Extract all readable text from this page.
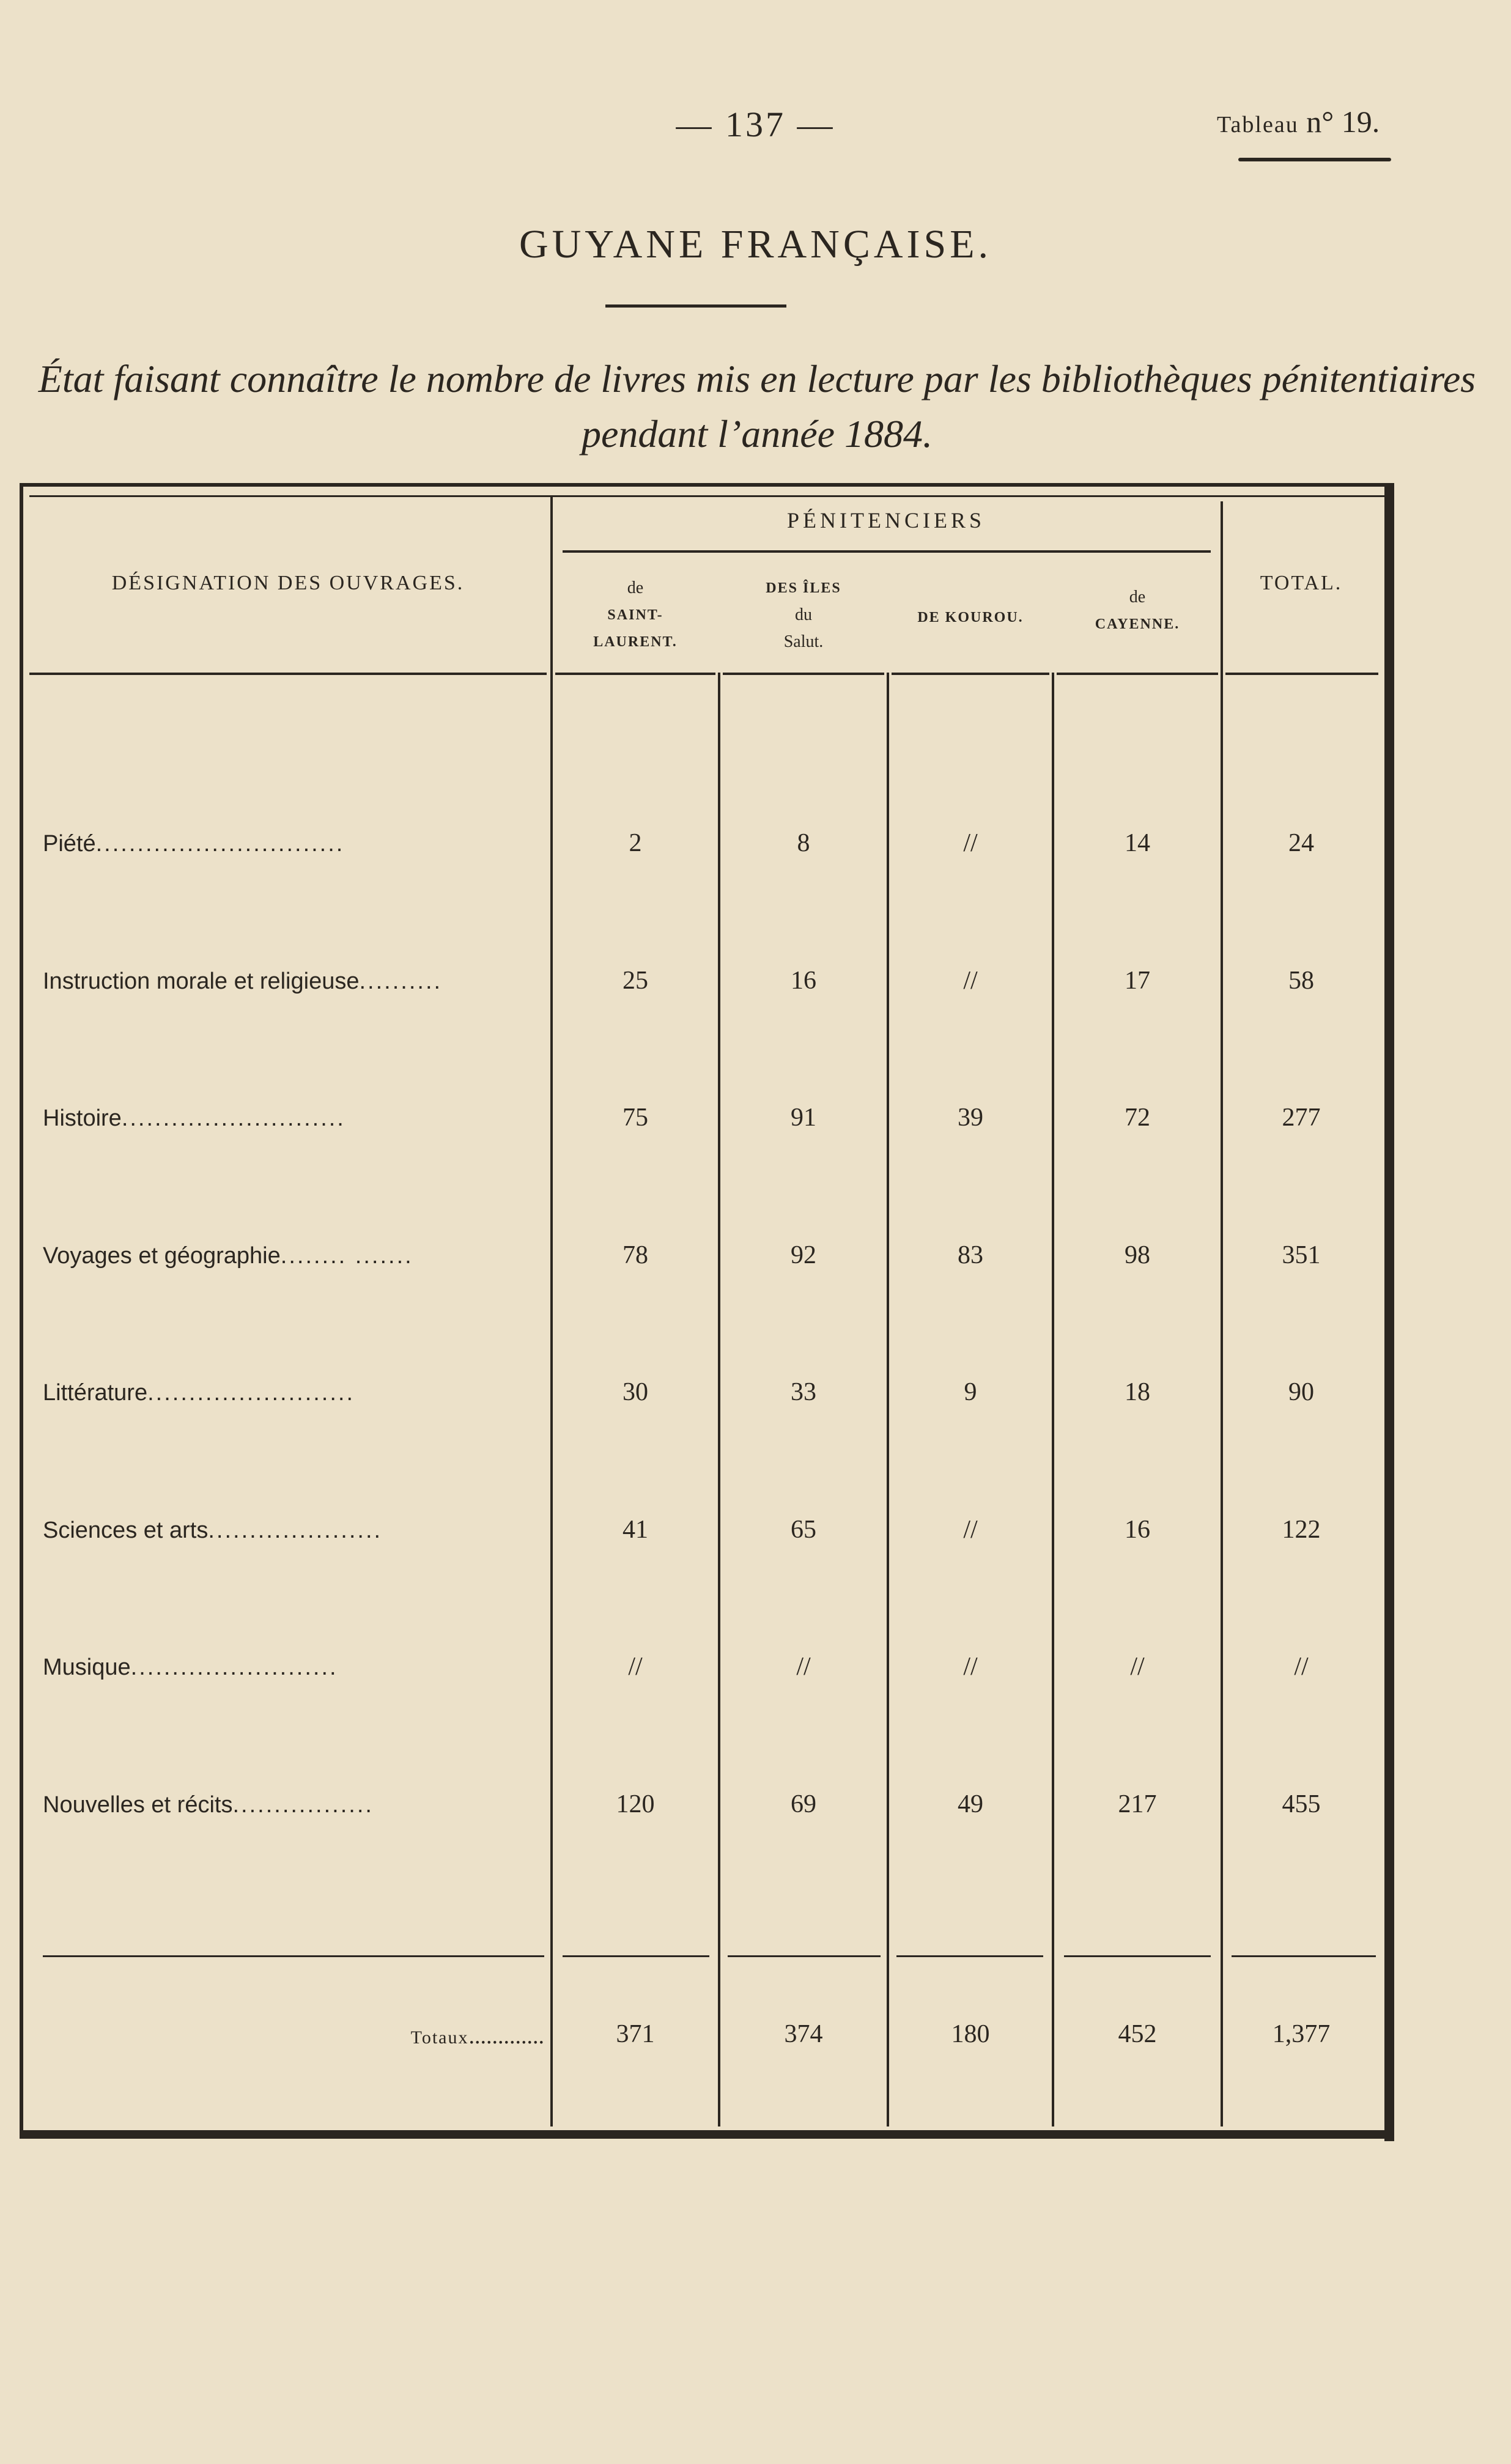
— 137 —	Tableau n° 19.
GUYANE FRANÇAISE.
État faisant connaître le nombre de livres mis en lecture par les bibliothèques pénitentiaires
pendant l’année 1884.
DÉSIGNATION DES OUVRAGES.
PÉNITENCIERS
de
SAINT-
LAURENT.
DES ÎLES
du
Salut.
DE KOUROU.
de
CAYENNE.
TOTAL.
Piété..............................	2	8	//	14	24
Instruction morale et religieuse..........	25	16	//	17	58
Histoire...........................	75	91	39	72	277
Voyages et géographie........ .......	78	92	83	98	351
Littérature.........................	30	33	9	18	90
Sciences et arts.....................	41	65	//	16	122
Musique.........................	//	//	//	//	//
Nouvelles et récits.................	120	69	49	217	455
Totaux.............	371	374	180	452	1,377
